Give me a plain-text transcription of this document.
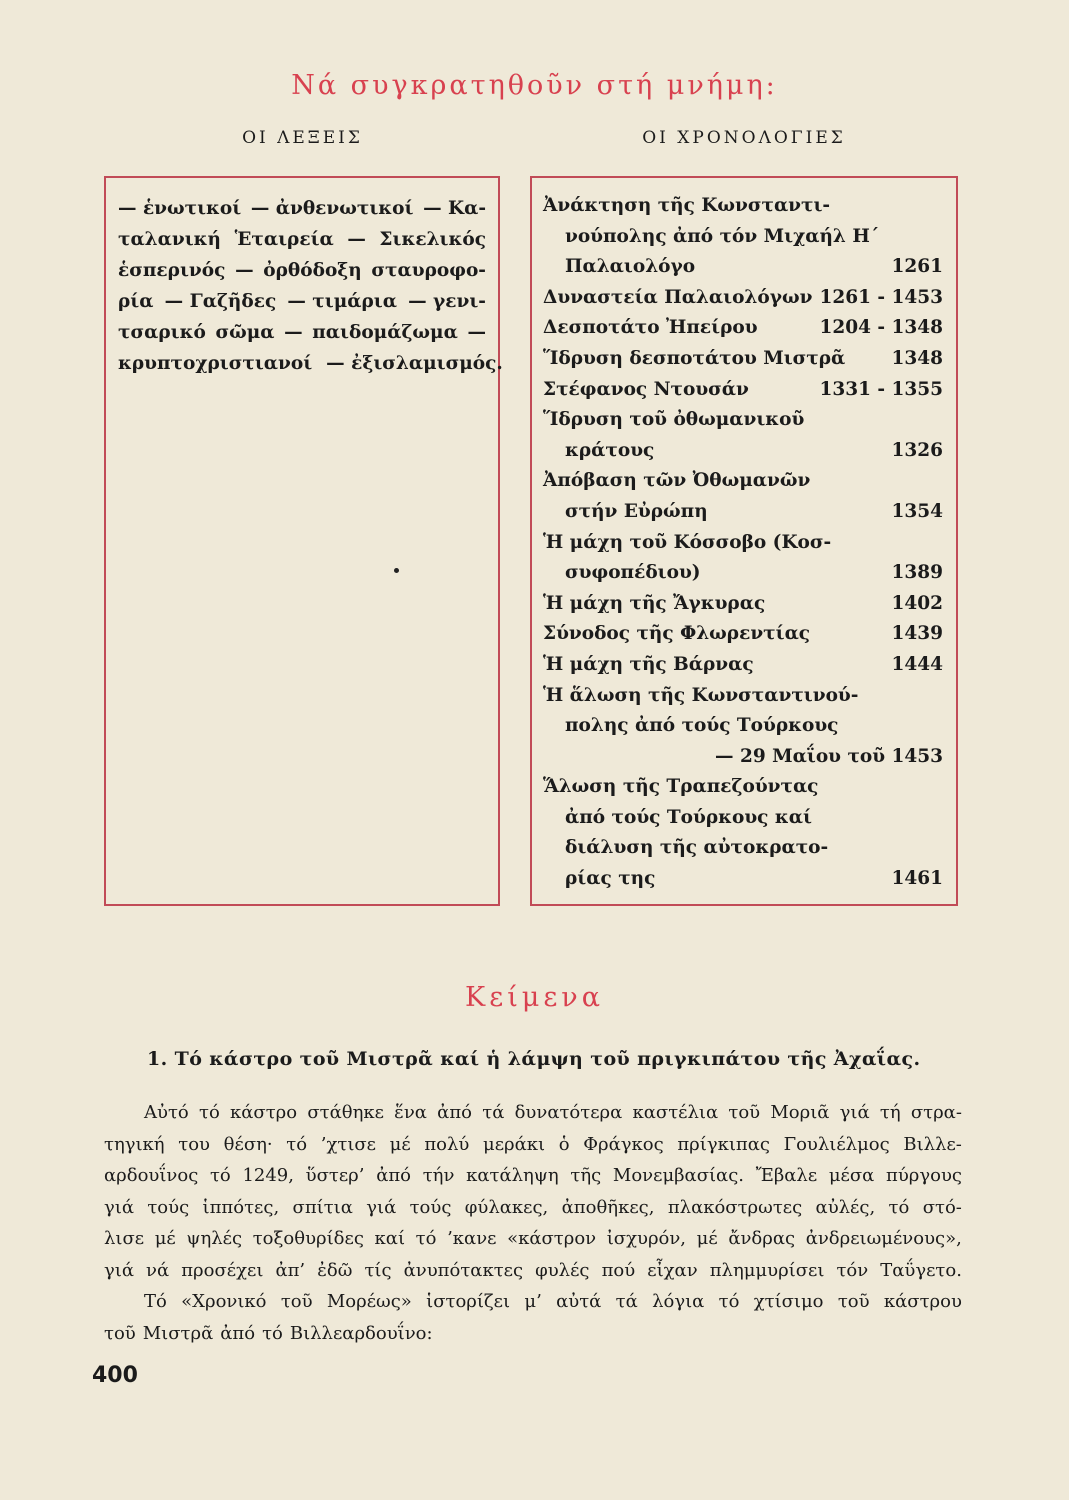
Νά συγκρατηθοῦν στή μνήμη:
ΟΙ ΛΕΞΕΙΣ	ΟΙ ΧΡΟΝΟΛΟΓΙΕΣ
— ἑνωτικοί — ἀνθενωτικοί — Κα-
ταλανική Ἑταιρεία — Σικελικός
ἑσπερινός — ὀρθόδοξη σταυροφο-
ρία — Γαζῆδες — τιμάρια — γενι-
τσαρικό σῶμα — παιδομάζωμα —
κρυπτοχριστιανοί — ἐξισλαμισμός.
Ἀνάκτηση τῆς Κωνσταντι-
νούπολης ἀπό τόν Μιχαήλ Η΄
Παλαιολόγο	1261
Δυναστεία Παλαιολόγων 1261 - 1453
Δεσποτάτο Ἠπείρου	1204 - 1348
Ἵδρυση δεσποτάτου Μιστρᾶ 1348
Στέφανος Ντουσάν	1331 - 1355
Ἵδρυση τοῦ ὀθωμανικοῦ
κράτους	1326
Ἀπόβαση τῶν Ὀθωμανῶν
στήν Εὐρώπη	1354
Ἡ μάχη τοῦ Κόσσοβο (Κοσ-
συφοπέδιου)	1389
Ἡ μάχη τῆς Ἄγκυρας	1402
Σύνοδος τῆς Φλωρεντίας	1439
Ἡ μάχη τῆς Βάρνας	1444
Ἡ ἅλωση τῆς Κωνσταντινού-
πολης ἀπό τούς Τούρκους
— 29 Μαΐου τοῦ 1453
Ἅλωση τῆς Τραπεζούντας
ἀπό τούς Τούρκους καί
διάλυση τῆς αὐτοκρατο-
ρίας της	1461
Κείμενα
1. Τό κάστρο τοῦ Μιστρᾶ καί ἡ λάμψη τοῦ πριγκιπάτου τῆς Ἀχαΐας.
Αὐτό τό κάστρο στάθηκε ἕνα ἀπό τά δυνατότερα καστέλια τοῦ Μοριᾶ γιά τή στρα-
τηγική του θέση· τό ’χτισε μέ πολύ μεράκι ὁ Φράγκος πρίγκιπας Γουλιέλμος Βιλλε-
αρδουΐνος τό 1249, ὕστερ’ ἀπό τήν κατάληψη τῆς Μονεμβασίας. Ἔβαλε μέσα πύργους
γιά τούς ἱππότες, σπίτια γιά τούς φύλακες, ἀποθῆκες, πλακόστρωτες αὐλές, τό στό-
λισε μέ ψηλές τοξοθυρίδες καί τό ’κανε «κάστρον ἰσχυρόν, μέ ἄνδρας ἀνδρειωμένους»,
γιά νά προσέχει ἀπ’ ἐδῶ τίς ἀνυπότακτες φυλές πού εἶχαν πλημμυρίσει τόν Ταΰγετο.
Τό «Χρονικό τοῦ Μορέως» ἱστορίζει μ’ αὐτά τά λόγια τό χτίσιμο τοῦ κάστρου
τοῦ Μιστρᾶ ἀπό τό Βιλλεαρδουΐνο:
400
